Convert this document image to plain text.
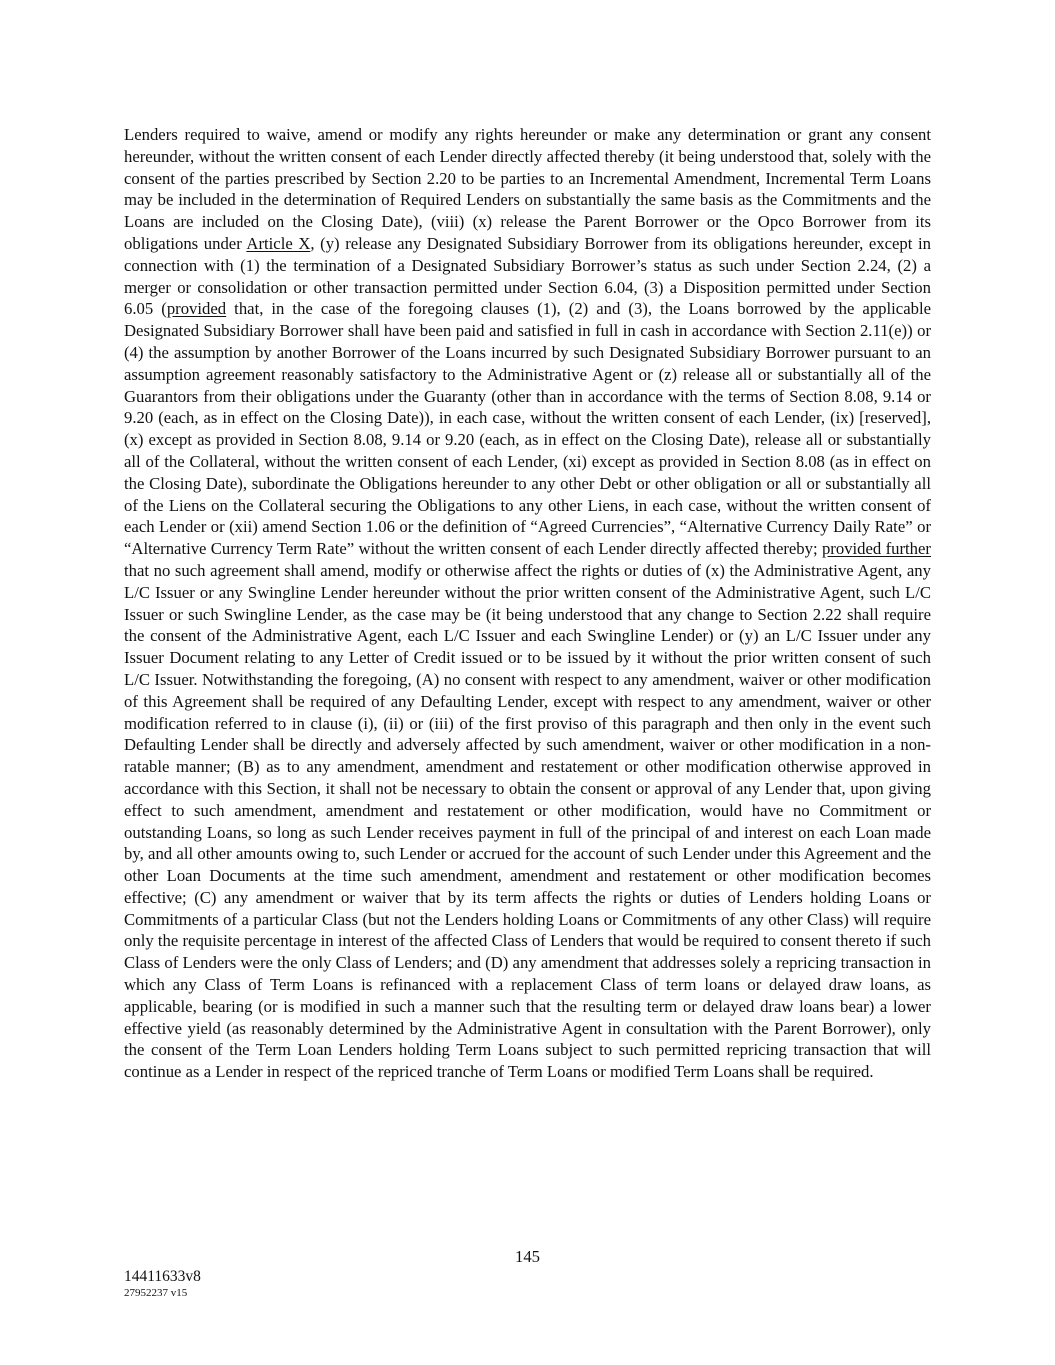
Lenders required to waive, amend or modify any rights hereunder or make any determination or grant any consent hereunder, without the written consent of each Lender directly affected thereby (it being understood that, solely with the consent of the parties prescribed by Section 2.20 to be parties to an Incremental Amendment, Incremental Term Loans may be included in the determination of Required Lenders on substantially the same basis as the Commitments and the Loans are included on the Closing Date), (viii) (x) release the Parent Borrower or the Opco Borrower from its obligations under Article X, (y) release any Designated Subsidiary Borrower from its obligations hereunder, except in connection with (1) the termination of a Designated Subsidiary Borrower’s status as such under Section 2.24, (2) a merger or consolidation or other transaction permitted under Section 6.04, (3) a Disposition permitted under Section 6.05 (provided that, in the case of the foregoing clauses (1), (2) and (3), the Loans borrowed by the applicable Designated Subsidiary Borrower shall have been paid and satisfied in full in cash in accordance with Section 2.11(e)) or (4) the assumption by another Borrower of the Loans incurred by such Designated Subsidiary Borrower pursuant to an assumption agreement reasonably satisfactory to the Administrative Agent or (z) release all or substantially all of the Guarantors from their obligations under the Guaranty (other than in accordance with the terms of Section 8.08, 9.14 or 9.20 (each, as in effect on the Closing Date)), in each case, without the written consent of each Lender, (ix) [reserved], (x) except as provided in Section 8.08, 9.14 or 9.20 (each, as in effect on the Closing Date), release all or substantially all of the Collateral, without the written consent of each Lender, (xi) except as provided in Section 8.08 (as in effect on the Closing Date), subordinate the Obligations hereunder to any other Debt or other obligation or all or substantially all of the Liens on the Collateral securing the Obligations to any other Liens, in each case, without the written consent of each Lender or (xii) amend Section 1.06 or the definition of “Agreed Currencies”, “Alternative Currency Daily Rate” or “Alternative Currency Term Rate” without the written consent of each Lender directly affected thereby; provided further that no such agreement shall amend, modify or otherwise affect the rights or duties of (x) the Administrative Agent, any L/C Issuer or any Swingline Lender hereunder without the prior written consent of the Administrative Agent, such L/C Issuer or such Swingline Lender, as the case may be (it being understood that any change to Section 2.22 shall require the consent of the Administrative Agent, each L/C Issuer and each Swingline Lender) or (y) an L/C Issuer under any Issuer Document relating to any Letter of Credit issued or to be issued by it without the prior written consent of such L/C Issuer. Notwithstanding the foregoing, (A) no consent with respect to any amendment, waiver or other modification of this Agreement shall be required of any Defaulting Lender, except with respect to any amendment, waiver or other modification referred to in clause (i), (ii) or (iii) of the first proviso of this paragraph and then only in the event such Defaulting Lender shall be directly and adversely affected by such amendment, waiver or other modification in a non-ratable manner; (B) as to any amendment, amendment and restatement or other modification otherwise approved in accordance with this Section, it shall not be necessary to obtain the consent or approval of any Lender that, upon giving effect to such amendment, amendment and restatement or other modification, would have no Commitment or outstanding Loans, so long as such Lender receives payment in full of the principal of and interest on each Loan made by, and all other amounts owing to, such Lender or accrued for the account of such Lender under this Agreement and the other Loan Documents at the time such amendment, amendment and restatement or other modification becomes effective; (C) any amendment or waiver that by its term affects the rights or duties of Lenders holding Loans or Commitments of a particular Class (but not the Lenders holding Loans or Commitments of any other Class) will require only the requisite percentage in interest of the affected Class of Lenders that would be required to consent thereto if such Class of Lenders were the only Class of Lenders; and (D) any amendment that addresses solely a repricing transaction in which any Class of Term Loans is refinanced with a replacement Class of term loans or delayed draw loans, as applicable, bearing (or is modified in such a manner such that the resulting term or delayed draw loans bear) a lower effective yield (as reasonably determined by the Administrative Agent in consultation with the Parent Borrower), only the consent of the Term Loan Lenders holding Term Loans subject to such permitted repricing transaction that will continue as a Lender in respect of the repriced tranche of Term Loans or modified Term Loans shall be required.

145
14411633v8
27952237 v15
